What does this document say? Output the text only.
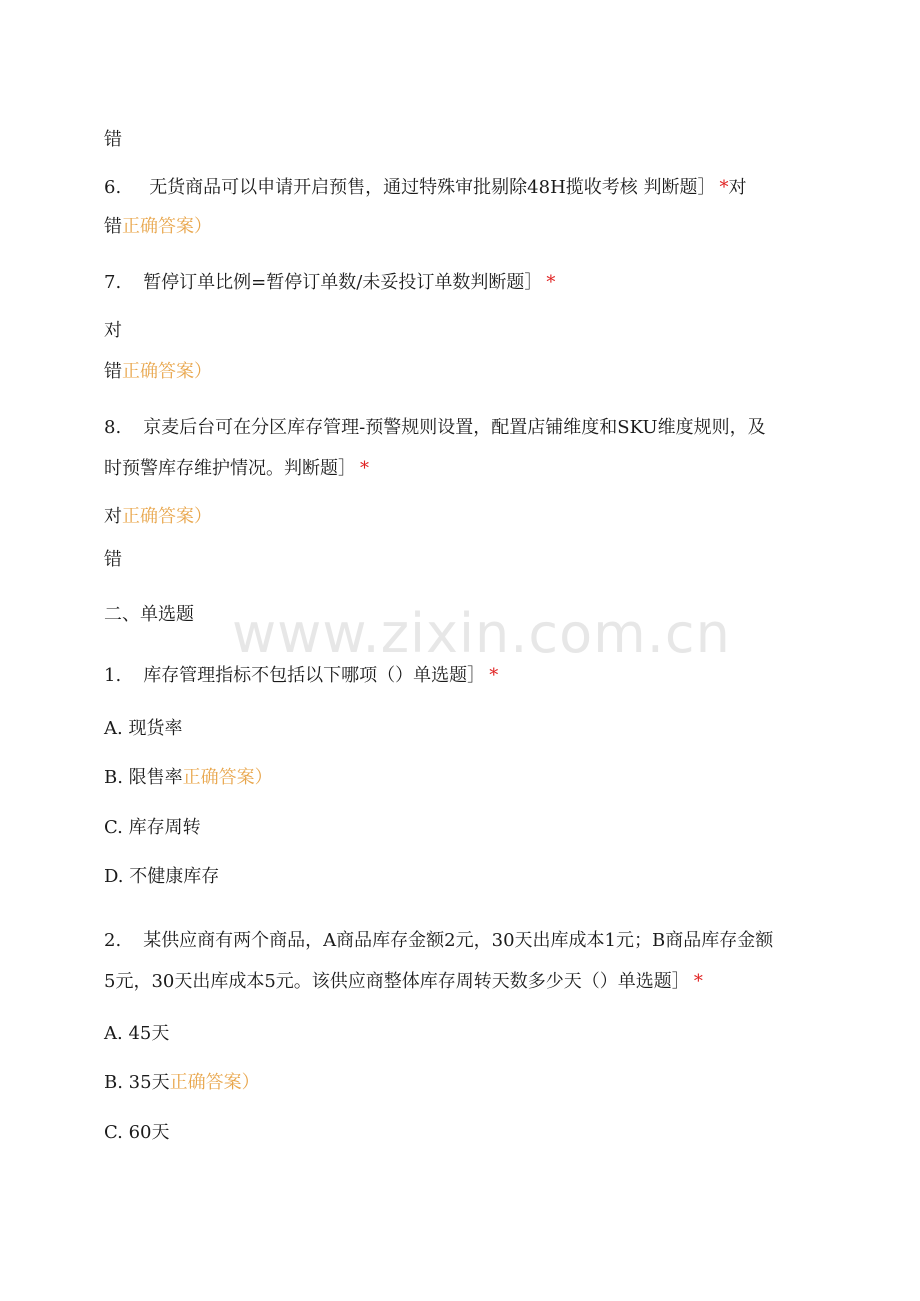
错
6. 无货商品可以申请开启预售，通过特殊审批剔除48H揽收考核 判断题］ *对
错正确答案）
7. 暂停订单比例=暂停订单数/未妥投订单数判断题］ *
对
错正确答案）
8. 京麦后台可在分区库存管理-预警规则设置，配置店铺维度和SKU维度规则，及
时预警库存维护情况。判断题］ *
对正确答案）
错
二、单选题
1. 库存管理指标不包括以下哪项（）单选题］ *
A. 现货率
B. 限售率正确答案）
C. 库存周转
D. 不健康库存
2. 某供应商有两个商品，A商品库存金额2元，30天出库成本1元；B商品库存金额
5元，30天出库成本5元。该供应商整体库存周转天数多少天（）单选题］ *
A. 45天
B. 35天正确答案）
C. 60天
www.zixin.com.cn
